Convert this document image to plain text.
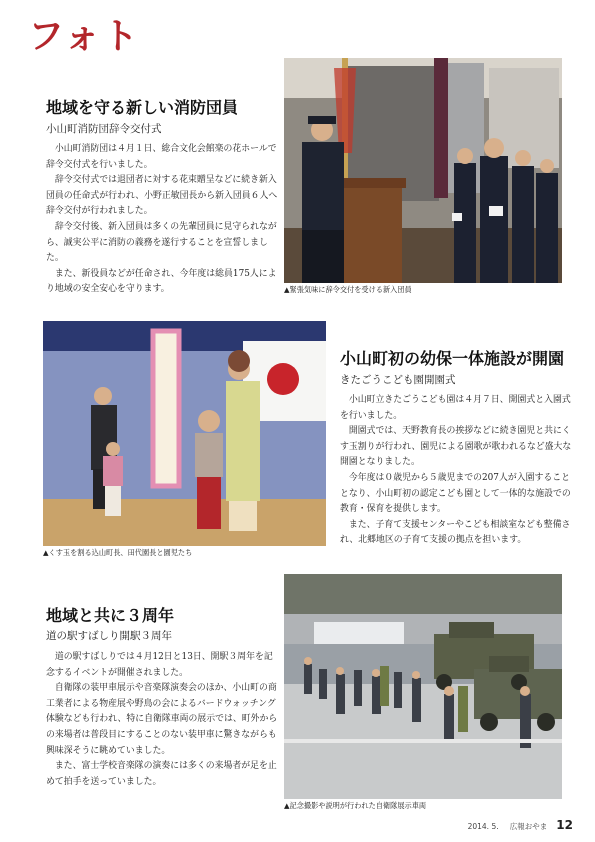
フォト
地域を守る新しい消防団員
小山町消防団辞令交付式

小山町消防団は４月１日、総合文化会館楽の花ホールで辞令交付式を行いました。

辞令交付式では退団者に対する花束贈呈などに続き新入団員の任命式が行われ、小野正敏団長から新入団員６人へ辞令交付が行われました。

辞令交付後、新入団員は多くの先輩団員に見守られながら、誠実公平に消防の義務を遂行することを宣誓しました。

また、新役員などが任命され、今年度は総員175人により地域の安全安心を守ります。	▲緊張気味に辞令交付を受ける新入団員
▲くす玉を割る込山町長、田代園長と園児たち
小山町初の幼保一体施設が開園
きたごうこども園開園式

小山町立きたごうこども園は４月７日、開園式と入園式を行いました。

開園式では、天野教育長の挨拶などに続き園児と共にくす玉割りが行われ、園児による園歌が歌われるなど盛大な開園となりました。

今年度は０歳児から５歳児までの207人が入園することとなり、小山町初の認定こども園として一体的な施設での教育・保育を提供します。

また、子育て支援センターやこども相談室なども整備され、北郷地区の子育て支援の拠点を担います。

地域と共に３周年
道の駅すばしり開駅３周年

道の駅すばしりでは４月12日と13日、開駅３周年を記念するイベントが開催されました。

自衛隊の装甲車展示や音楽隊演奏会のほか、小山町の商工業者による物産展や野鳥の会によるバードウォッチング体験なども行われ、特に自衛隊車両の展示では、町外からの来場者は普段目にすることのない装甲車に驚きながらも興味深そうに眺めていました。

また、富士学校音楽隊の演奏には多くの来場者が足を止めて拍手を送っていました。

▲記念撮影や説明が行われた自衛隊展示車両
2014. 5. 広報おやま 12
